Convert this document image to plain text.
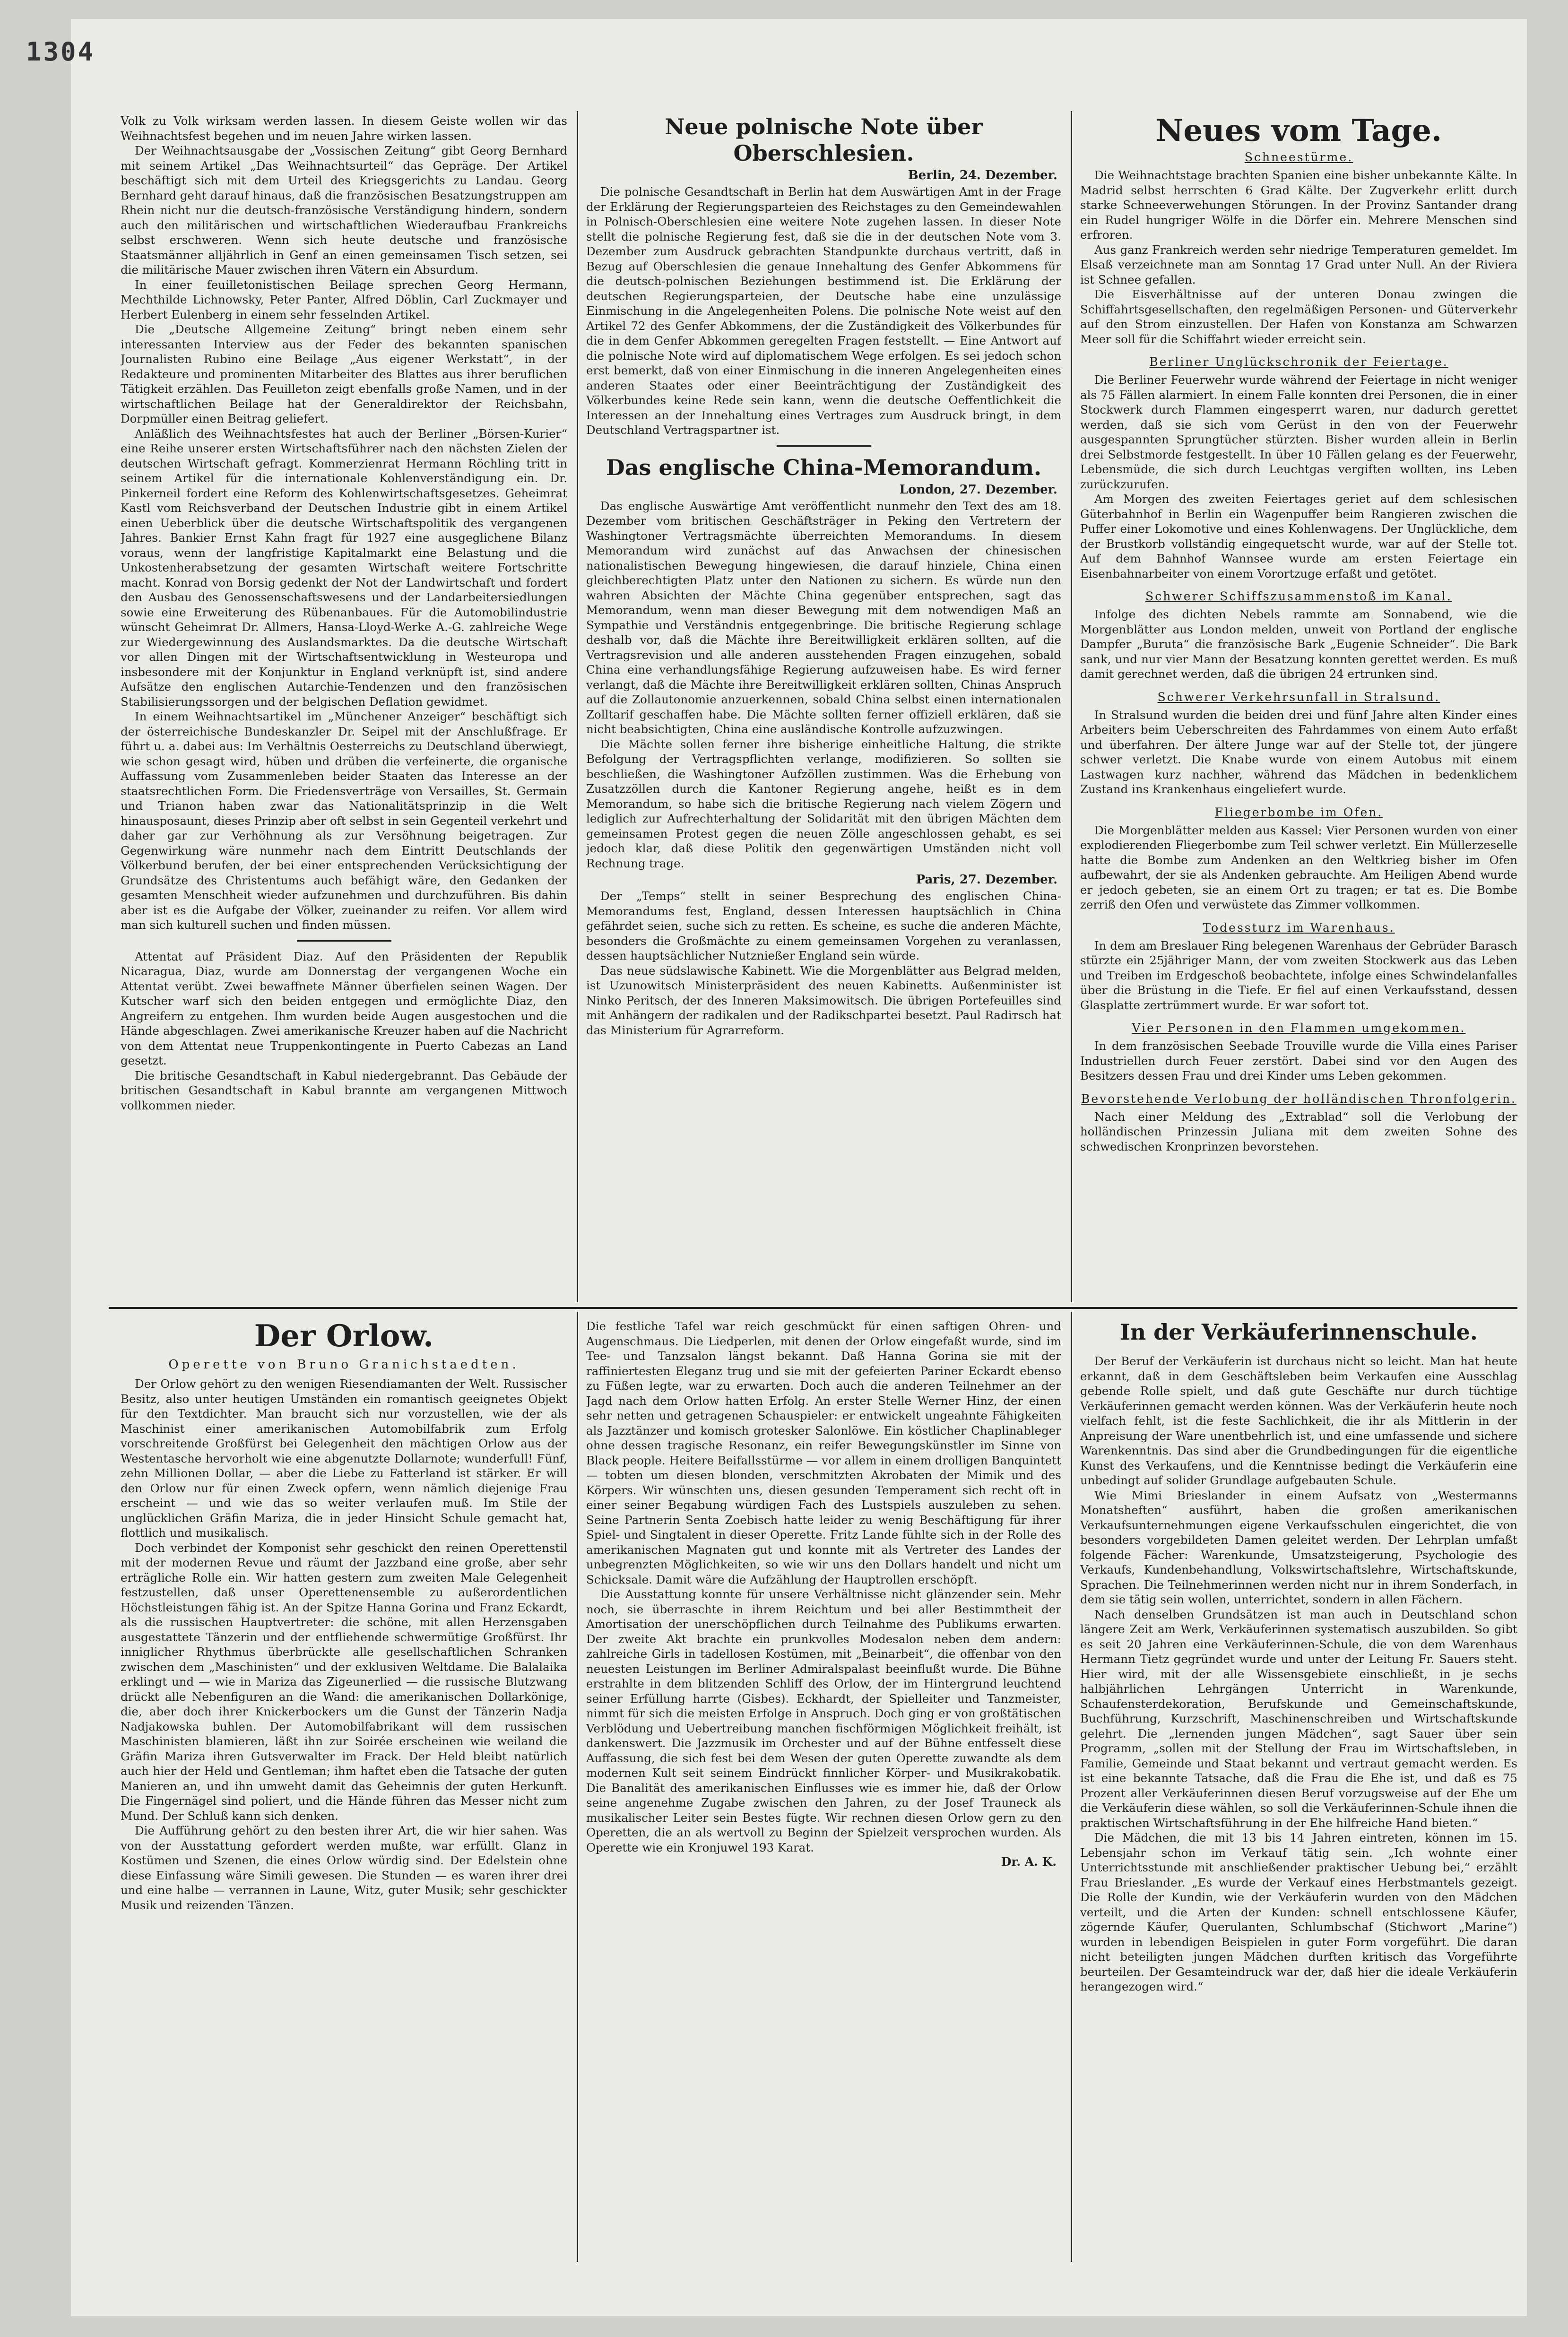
1304

Volk zu Volk wirksam werden lassen. In diesem Geiste wollen wir das Weihnachtsfest begehen und im neuen Jahre wirken lassen.

Der Weihnachtsausgabe der „Vossischen Zeitung“ gibt Georg Bernhard mit seinem Artikel „Das Weihnachtsurteil“ das Gepräge. Der Artikel beschäftigt sich mit dem Urteil des Kriegsgerichts zu Landau. Georg Bernhard geht darauf hinaus, daß die französischen Besatzungstruppen am Rhein nicht nur die deutsch-französische Verständigung hindern, sondern auch den militärischen und wirtschaftlichen Wiederaufbau Frankreichs selbst erschweren. Wenn sich heute deutsche und französische Staatsmänner alljährlich in Genf an einen gemeinsamen Tisch setzen, sei die militärische Mauer zwischen ihren Vätern ein Absurdum.

In einer feuilletonistischen Beilage sprechen Georg Hermann, Mechthilde Lichnowsky, Peter Panter, Alfred Döblin, Carl Zuckmayer und Herbert Eulenberg in einem sehr fesselnden Artikel.

Die „Deutsche Allgemeine Zeitung“ bringt neben einem sehr interessanten Interview aus der Feder des bekannten spanischen Journalisten Rubino eine Beilage „Aus eigener Werkstatt“, in der Redakteure und prominenten Mitarbeiter des Blattes aus ihrer beruflichen Tätigkeit erzählen. Das Feuilleton zeigt ebenfalls große Namen, und in der wirtschaftlichen Beilage hat der Generaldirektor der Reichsbahn, Dorpmüller einen Beitrag geliefert.

Anläßlich des Weihnachtsfestes hat auch der Berliner „Börsen-Kurier“ eine Reihe unserer ersten Wirtschaftsführer nach den nächsten Zielen der deutschen Wirtschaft gefragt. Kommerzienrat Hermann Röchling tritt in seinem Artikel für die internationale Kohlenverständigung ein. Dr. Pinkerneil fordert eine Reform des Kohlenwirtschaftsgesetzes. Geheimrat Kastl vom Reichsverband der Deutschen Industrie gibt in einem Artikel einen Ueberblick über die deutsche Wirtschaftspolitik des vergangenen Jahres. Bankier Ernst Kahn fragt für 1927 eine ausgeglichene Bilanz voraus, wenn der langfristige Kapitalmarkt eine Belastung und die Unkostenherabsetzung der gesamten Wirtschaft weitere Fortschritte macht. Konrad von Borsig gedenkt der Not der Landwirtschaft und fordert den Ausbau des Genossenschaftswesens und der Landarbeitersiedlungen sowie eine Erweiterung des Rübenanbaues. Für die Automobilindustrie wünscht Geheimrat Dr. Allmers, Hansa-Lloyd-Werke A.-G. zahlreiche Wege zur Wiedergewinnung des Auslandsmarktes. Da die deutsche Wirtschaft vor allen Dingen mit der Wirtschaftsentwicklung in Westeuropa und insbesondere mit der Konjunktur in England verknüpft ist, sind andere Aufsätze den englischen Autarchie-Tendenzen und den französischen Stabilisierungssorgen und der belgischen Deflation gewidmet.

In einem Weihnachtsartikel im „Münchener Anzeiger“ beschäftigt sich der österreichische Bundeskanzler Dr. Seipel mit der Anschlußfrage. Er führt u. a. dabei aus: Im Verhältnis Oesterreichs zu Deutschland überwiegt, wie schon gesagt wird, hüben und drüben die verfeinerte, die organische Auffassung vom Zusammenleben beider Staaten das Interesse an der staatsrechtlichen Form. Die Friedensverträge von Versailles, St. Germain und Trianon haben zwar das Nationalitätsprinzip in die Welt hinausposaunt, dieses Prinzip aber oft selbst in sein Gegenteil verkehrt und daher gar zur Verhöhnung als zur Versöhnung beigetragen. Zur Gegenwirkung wäre nunmehr nach dem Eintritt Deutschlands der Völkerbund berufen, der bei einer entsprechenden Verücksichtigung der Grundsätze des Christentums auch befähigt wäre, den Gedanken der gesamten Menschheit wieder aufzunehmen und durchzuführen. Bis dahin aber ist es die Aufgabe der Völker, zueinander zu reifen. Vor allem wird man sich kulturell suchen und finden müssen.

Attentat auf Präsident Diaz. Auf den Präsidenten der Republik Nicaragua, Diaz, wurde am Donnerstag der vergangenen Woche ein Attentat verübt. Zwei bewaffnete Männer überfielen seinen Wagen. Der Kutscher warf sich den beiden entgegen und ermöglichte Diaz, den Angreifern zu entgehen. Ihm wurden beide Augen ausgestochen und die Hände abgeschlagen. Zwei amerikanische Kreuzer haben auf die Nachricht von dem Attentat neue Truppenkontingente in Puerto Cabezas an Land gesetzt.

Die britische Gesandtschaft in Kabul niedergebrannt. Das Gebäude der britischen Gesandtschaft in Kabul brannte am vergangenen Mittwoch vollkommen nieder.

Neue polnische Note über Oberschlesien.
Berlin, 24. Dezember.

Die polnische Gesandtschaft in Berlin hat dem Auswärtigen Amt in der Frage der Erklärung der Regierungsparteien des Reichstages zu den Gemeindewahlen in Polnisch-Oberschlesien eine weitere Note zugehen lassen. In dieser Note stellt die polnische Regierung fest, daß sie die in der deutschen Note vom 3. Dezember zum Ausdruck gebrachten Standpunkte durchaus vertritt, daß in Bezug auf Oberschlesien die genaue Innehaltung des Genfer Abkommens für die deutsch-polnischen Beziehungen bestimmend ist. Die Erklärung der deutschen Regierungsparteien, der Deutsche habe eine unzulässige Einmischung in die Angelegenheiten Polens. Die polnische Note weist auf den Artikel 72 des Genfer Abkommens, der die Zuständigkeit des Völkerbundes für die in dem Genfer Abkommen geregelten Fragen feststellt. — Eine Antwort auf die polnische Note wird auf diplomatischem Wege erfolgen. Es sei jedoch schon erst bemerkt, daß von einer Einmischung in die inneren Angelegenheiten eines anderen Staates oder einer Beeinträchtigung der Zuständigkeit des Völkerbundes keine Rede sein kann, wenn die deutsche Oeffentlichkeit die Interessen an der Innehaltung eines Vertrages zum Ausdruck bringt, in dem Deutschland Vertragspartner ist.

Das englische China-Memorandum.
London, 27. Dezember.

Das englische Auswärtige Amt veröffentlicht nunmehr den Text des am 18. Dezember vom britischen Geschäftsträger in Peking den Vertretern der Washingtoner Vertragsmächte überreichten Memorandums. In diesem Memorandum wird zunächst auf das Anwachsen der chinesischen nationalistischen Bewegung hingewiesen, die darauf hinziele, China einen gleichberechtigten Platz unter den Nationen zu sichern. Es würde nun den wahren Absichten der Mächte China gegenüber entsprechen, sagt das Memorandum, wenn man dieser Bewegung mit dem notwendigen Maß an Sympathie und Verständnis entgegenbringe. Die britische Regierung schlage deshalb vor, daß die Mächte ihre Bereitwilligkeit erklären sollten, auf die Vertragsrevision und alle anderen ausstehenden Fragen einzugehen, sobald China eine verhandlungsfähige Regierung aufzuweisen habe. Es wird ferner verlangt, daß die Mächte ihre Bereitwilligkeit erklären sollten, Chinas Anspruch auf die Zollautonomie anzuerkennen, sobald China selbst einen internationalen Zolltarif geschaffen habe. Die Mächte sollten ferner offiziell erklären, daß sie nicht beabsichtigten, China eine ausländische Kontrolle aufzuzwingen.

Die Mächte sollen ferner ihre bisherige einheitliche Haltung, die strikte Befolgung der Vertragspflichten verlange, modifizieren. So sollten sie beschließen, die Washingtoner Aufzöllen zustimmen. Was die Erhebung von Zusatzzöllen durch die Kantoner Regierung angehe, heißt es in dem Memorandum, so habe sich die britische Regierung nach vielem Zögern und lediglich zur Aufrechterhaltung der Solidarität mit den übrigen Mächten dem gemeinsamen Protest gegen die neuen Zölle angeschlossen gehabt, es sei jedoch klar, daß diese Politik den gegenwärtigen Umständen nicht voll Rechnung trage.

Paris, 27. Dezember.

Der „Temps“ stellt in seiner Besprechung des englischen China-Memorandums fest, England, dessen Interessen hauptsächlich in China gefährdet seien, suche sich zu retten. Es scheine, es suche die anderen Mächte, besonders die Großmächte zu einem gemeinsamen Vorgehen zu veranlassen, dessen hauptsächlicher Nutznießer England sein würde.

Das neue südslawische Kabinett. Wie die Morgenblätter aus Belgrad melden, ist Uzunowitsch Ministerpräsident des neuen Kabinetts. Außenminister ist Ninko Peritsch, der des Inneren Maksimowitsch. Die übrigen Portefeuilles sind mit Anhängern der radikalen und der Radikschpartei besetzt. Paul Radiтsch hat das Ministerium für Agrarreform.

Neues vom Tage.
Schneestürme.

Die Weihnachtstage brachten Spanien eine bisher unbekannte Kälte. In Madrid selbst herrschten 6 Grad Kälte. Der Zugverkehr erlitt durch starke Schneeverwehungen Störungen. In der Provinz Santander drang ein Rudel hungriger Wölfe in die Dörfer ein. Mehrere Menschen sind erfroren.

Aus ganz Frankreich werden sehr niedrige Temperaturen gemeldet. Im Elsaß verzeichnete man am Sonntag 17 Grad unter Null. An der Riviera ist Schnee gefallen.

Die Eisverhältnisse auf der unteren Donau zwingen die Schiffahrtsgesellschaften, den regelmäßigen Personen- und Güterverkehr auf den Strom einzustellen. Der Hafen von Konstanza am Schwarzen Meer soll für die Schiffahrt wieder erreicht sein.

Berliner Unglückschronik der Feiertage.

Die Berliner Feuerwehr wurde während der Feiertage in nicht weniger als 75 Fällen alarmiert. In einem Falle konnten drei Personen, die in einer Stockwerk durch Flammen eingesperrt waren, nur dadurch gerettet werden, daß sie sich vom Gerüst in den von der Feuerwehr ausgespannten Sprungtücher stürzten. Bisher wurden allein in Berlin drei Selbstmorde festgestellt. In über 10 Fällen gelang es der Feuerwehr, Lebensmüde, die sich durch Leuchtgas vergiften wollten, ins Leben zurückzurufen.

Am Morgen des zweiten Feiertages geriet auf dem schlesischen Güterbahnhof in Berlin ein Wagenpuffer beim Rangieren zwischen die Puffer einer Lokomotive und eines Kohlenwagens. Der Unglückliche, dem der Brustkorb vollständig eingequetscht wurde, war auf der Stelle tot. Auf dem Bahnhof Wannsee wurde am ersten Feiertage ein Eisenbahnarbeiter von einem Vorortzuge erfaßt und getötet.

Schwerer Schiffszusammenstoß im Kanal.

Infolge des dichten Nebels rammte am Sonnabend, wie die Morgenblätter aus London melden, unweit von Portland der englische Dampfer „Buruta“ die französische Bark „Eugenie Schneider“. Die Bark sank, und nur vier Mann der Besatzung konnten gerettet werden. Es muß damit gerechnet werden, daß die übrigen 24 ertrunken sind.

Schwerer Verkehrsunfall in Stralsund.

In Stralsund wurden die beiden drei und fünf Jahre alten Kinder eines Arbeiters beim Ueberschreiten des Fahrdammes von einem Auto erfaßt und überfahren. Der ältere Junge war auf der Stelle tot, der jüngere schwer verletzt. Die Knabe wurde von einem Autobus mit einem Lastwagen kurz nachher, während das Mädchen in bedenklichem Zustand ins Krankenhaus eingeliefert wurde.

Fliegerbombe im Ofen.

Die Morgenblätter melden aus Kassel: Vier Personen wurden von einer explodierenden Fliegerbombe zum Teil schwer verletzt. Ein Müllerzeselle hatte die Bombe zum Andenken an den Weltkrieg bisher im Ofen aufbewahrt, der sie als Andenken gebrauchte. Am Heiligen Abend wurde er jedoch gebeten, sie an einem Ort zu tragen; er tat es. Die Bombe zerriß den Ofen und verwüstete das Zimmer vollkommen.

Todessturz im Warenhaus.

In dem am Breslauer Ring belegenen Warenhaus der Gebrüder Barasch stürzte ein 25jähriger Mann, der vom zweiten Stockwerk aus das Leben und Treiben im Erdgeschoß beobachtete, infolge eines Schwindelanfalles über die Brüstung in die Tiefe. Er fiel auf einen Verkaufsstand, dessen Glasplatte zertrümmert wurde. Er war sofort tot.

Vier Personen in den Flammen umgekommen.

In dem französischen Seebade Trouville wurde die Villa eines Pariser Industriellen durch Feuer zerstört. Dabei sind vor den Augen des Besitzers dessen Frau und drei Kinder ums Leben gekommen.

Bevorstehende Verlobung der holländischen Thronfolgerin.

Nach einer Meldung des „Extrablad“ soll die Verlobung der holländischen Prinzessin Juliana mit dem zweiten Sohne des schwedischen Kronprinzen bevorstehen.

Der Orlow.
Operette von Bruno Granichstaedten.

Der Orlow gehört zu den wenigen Riesendiamanten der Welt. Russischer Besitz, also unter heutigen Umständen ein romantisch geeignetes Objekt für den Textdichter. Man braucht sich nur vorzustellen, wie der als Maschinist einer amerikanischen Automobilfabrik zum Erfolg vorschreitende Großfürst bei Gelegenheit den mächtigen Orlow aus der Westentasche hervorholt wie eine abgenutzte Dollarnote; wunderfull! Fünf, zehn Millionen Dollar, — aber die Liebe zu Fatterland ist stärker. Er will den Orlow nur für einen Zweck opfern, wenn nämlich diejenige Frau erscheint — und wie das so weiter verlaufen muß. Im Stile der unglücklichen Gräfin Mariza, die in jeder Hinsicht Schule gemacht hat, flottlich und musikalisch.

Doch verbindet der Komponist sehr geschickt den reinen Operettenstil mit der modernen Revue und räumt der Jazzband eine große, aber sehr erträgliche Rolle ein. Wir hatten gestern zum zweiten Male Gelegenheit festzustellen, daß unser Operettenensemble zu außerordentlichen Höchstleistungen fähig ist. An der Spitze Hanna Gorina und Franz Eckardt, als die russischen Hauptvertreter: die schöne, mit allen Herzensgaben ausgestattete Tänzerin und der entfliehende schwermütige Großfürst. Ihr inniglicher Rhythmus überbrückte alle gesellschaftlichen Schranken zwischen dem „Maschinisten“ und der exklusiven Weltdame. Die Balalaika erklingt und — wie in Mariza das Zigeunerlied — die russische Blutzwang drückt alle Nebenfiguren an die Wand: die amerikanischen Dollarkönige, die, aber doch ihrer Knickerbockers um die Gunst der Tänzerin Nadja Nadjakowska buhlen. Der Automobilfabrikant will dem russischen Maschinisten blamieren, läßt ihn zur Soirée erscheinen wie weiland die Gräfin Mariza ihren Gutsverwalter im Frack. Der Held bleibt natürlich auch hier der Held und Gentleman; ihm haftet eben die Tatsache der guten Manieren an, und ihn umweht damit das Geheimnis der guten Herkunft. Die Fingernägel sind poliert, und die Hände führen das Messer nicht zum Mund. Der Schluß kann sich denken.

Die Aufführung gehört zu den besten ihrer Art, die wir hier sahen. Was von der Ausstattung gefordert werden mußte, war erfüllt. Glanz in Kostümen und Szenen, die eines Orlow würdig sind. Der Edelstein ohne diese Einfassung wäre Simili gewesen. Die Stunden — es waren ihrer drei und eine halbe — verrannen in Laune, Witz, guter Musik; sehr geschickter Musik und reizenden Tänzen.

Die festliche Tafel war reich geschmückt für einen saftigen Ohren- und Augenschmaus. Die Liedperlen, mit denen der Orlow eingefaßt wurde, sind im Tee- und Tanzsalon längst bekannt. Daß Hanna Gorina sie mit der raffiniertesten Eleganz trug und sie mit der gefeierten Pariner Eckardt ebenso zu Füßen legte, war zu erwarten. Doch auch die anderen Teilnehmer an der Jagd nach dem Orlow hatten Erfolg. An erster Stelle Werner Hinz, der einen sehr netten und getragenen Schauspieler: er entwickelt ungeahnte Fähigkeiten als Jazztänzer und komisch grotesker Salonlöwe. Ein köstlicher Chaplinableger ohne dessen tragische Resonanz, ein reifer Bewegungskünstler im Sinne von Black people. Heitere Beifallsstürme — vor allem in einem drolligen Banquintett — tobten um diesen blonden, verschmitzten Akrobaten der Mimik und des Körpers. Wir wünschten uns, diesen gesunden Temperament sich recht oft in einer seiner Begabung würdigen Fach des Lustspiels auszuleben zu sehen. Seine Partnerin Senta Zoebisch hatte leider zu wenig Beschäftigung für ihrer Spiel- und Singtalent in dieser Operette. Fritz Lande fühlte sich in der Rolle des amerikanischen Magnaten gut und konnte mit als Vertreter des Landes der unbegrenzten Möglichkeiten, so wie wir uns den Dollars handelt und nicht um Schicksale. Damit wäre die Aufzählung der Hauptrollen erschöpft.

Die Ausstattung konnte für unsere Verhältnisse nicht glänzender sein. Mehr noch, sie überraschte in ihrem Reichtum und bei aller Bestimmtheit der Amortisation der unerschöpflichen durch Teilnahme des Publikums erwarten. Der zweite Akt brachte ein prunkvolles Modesalon neben dem andern: zahlreiche Girls in tadellosen Kostümen, mit „Beinarbeit“, die offenbar von den neuesten Leistungen im Berliner Admiralspalast beeinflußt wurde. Die Bühne erstrahlte in dem blitzenden Schliff des Orlow, der im Hintergrund leuchtend seiner Erfüllung harrte (Gisbes). Eckhardt, der Spielleiter und Tanzmeister, nimmt für sich die meisten Erfolge in Anspruch. Doch ging er von großtätischen Verblödung und Uebertreibung manchen fischförmigen Möglichkeit freihält, ist dankenswert. Die Jazzmusik im Orchester und auf der Bühne entfesselt diese Auffassung, die sich fest bei dem Wesen der guten Operette zuwandte als dem modernen Kult seit seinem Eindrückt finnlicher Körper- und Musikrakobatik. Die Banalität des amerikanischen Einflusses wie es immer hie, daß der Orlow seine angenehme Zugabe zwischen den Jahren, zu der Josef Trauneck als musikalischer Leiter sein Bestes fügte. Wir rechnen diesen Orlow gern zu den Operetten, die an als wertvoll zu Beginn der Spielzeit versprochen wurden. Als Operette wie ein Kronjuwel 193 Karat.

Dr. A. K.
In der Verkäuferinnenschule.

Der Beruf der Verkäuferin ist durchaus nicht so leicht. Man hat heute erkannt, daß in dem Geschäftsleben beim Verkaufen eine Ausschlag gebende Rolle spielt, und daß gute Geschäfte nur durch tüchtige Verkäuferinnen gemacht werden können. Was der Verkäuferin heute noch vielfach fehlt, ist die feste Sachlichkeit, die ihr als Mittlerin in der Anpreisung der Ware unentbehrlich ist, und eine umfassende und sichere Warenkenntnis. Das sind aber die Grundbedingungen für die eigentliche Kunst des Verkaufens, und die Kenntnisse bedingt die Verkäuferin eine unbedingt auf solider Grundlage aufgebauten Schule.

Wie Mimi Brieslander in einem Aufsatz von „Westermanns Monatsheften“ ausführt, haben die großen amerikanischen Verkaufsunternehmungen eigene Verkaufsschulen eingerichtet, die von besonders vorgebildeten Damen geleitet werden. Der Lehrplan umfaßt folgende Fächer: Warenkunde, Umsatzsteigerung, Psychologie des Verkaufs, Kundenbehandlung, Volkswirtschaftslehre, Wirtschaftskunde, Sprachen. Die Teilnehmerinnen werden nicht nur in ihrem Sonderfach, in dem sie tätig sein wollen, unterrichtet, sondern in allen Fächern.

Nach denselben Grundsätzen ist man auch in Deutschland schon längere Zeit am Werk, Verkäuferinnen systematisch auszubilden. So gibt es seit 20 Jahren eine Verkäuferinnen-Schule, die von dem Warenhaus Hermann Tietz gegründet wurde und unter der Leitung Fr. Sauers steht. Hier wird, mit der alle Wissensgebiete einschließt, in je sechs halbjährlichen Lehrgängen Unterricht in Warenkunde, Schaufensterdekoration, Berufskunde und Gemeinschaftskunde, Buchführung, Kurzschrift, Maschinenschreiben und Wirtschaftskunde gelehrt. Die „lernenden jungen Mädchen“, sagt Sauer über sein Programm, „sollen mit der Stellung der Frau im Wirtschaftsleben, in Familie, Gemeinde und Staat bekannt und vertraut gemacht werden. Es ist eine bekannte Tatsache, daß die Frau die Ehe ist, und daß es 75 Prozent aller Verkäuferinnen diesen Beruf vorzugsweise auf der Ehe um die Verkäuferin diese wählen, so soll die Verkäuferinnen-Schule ihnen die praktischen Wirtschaftsführung in der Ehe hilfreiche Hand bieten.“

Die Mädchen, die mit 13 bis 14 Jahren eintreten, können im 15. Lebensjahr schon im Verkauf tätig sein. „Ich wohnte einer Unterrichtsstunde mit anschließender praktischer Uebung bei,“ erzählt Frau Brieslander. „Es wurde der Verkauf eines Herbstmantels gezeigt. Die Rolle der Kundin, wie der Verkäuferin wurden von den Mädchen verteilt, und die Arten der Kunden: schnell entschlossene Käufer, zögernde Käufer, Querulanten, Schlumbschaf (Stichwort „Marine“) wurden in lebendigen Beispielen in guter Form vorgeführt. Die daran nicht beteiligten jungen Mädchen durften kritisch das Vorgeführte beurteilen. Der Gesamteindruck war der, daß hier die ideale Verkäuferin herangezogen wird.“
